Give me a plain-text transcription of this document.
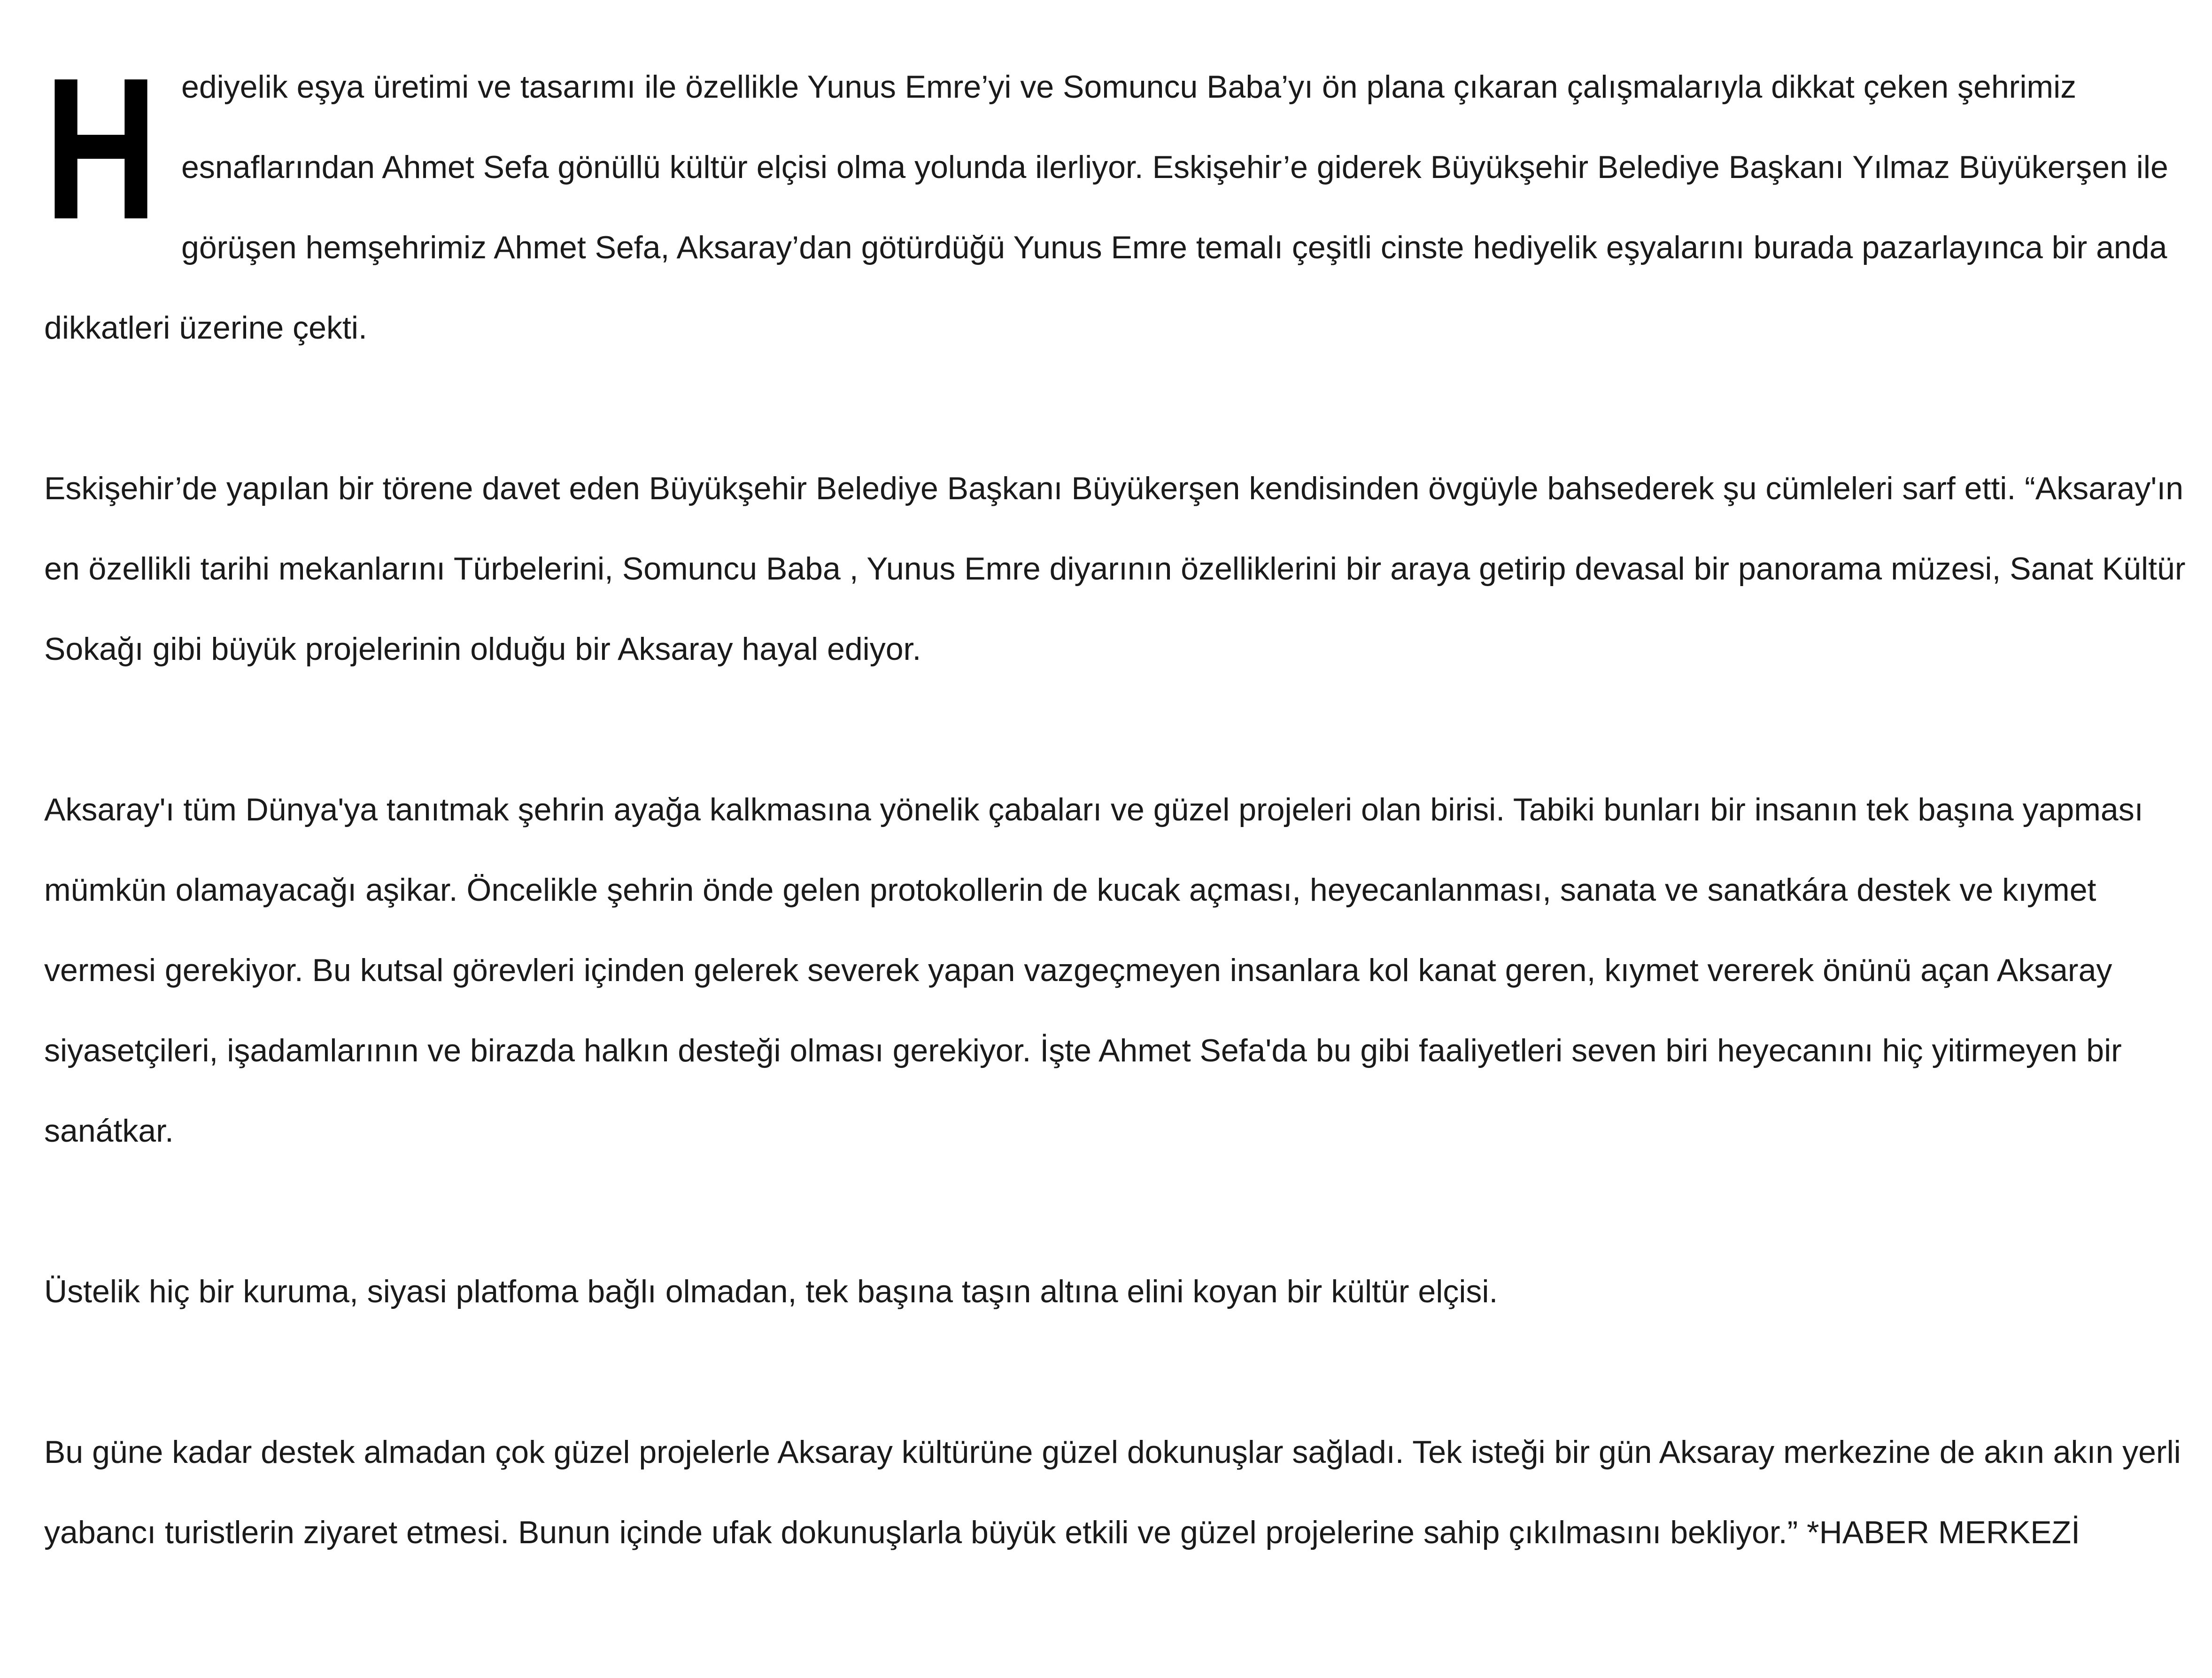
Hediyelik eşya üretimi ve tasarımı ile özellikle Yunus Emre’yi ve Somuncu Baba’yı ön plana çıkaran çalışmalarıyla dikkat çeken şehrimiz esnaflarından Ahmet Sefa gönüllü kültür elçisi olma yolunda ilerliyor. Eskişehir’e giderek Büyükşehir Belediye Başkanı Yılmaz Büyükerşen ile görüşen hemşehrimiz Ahmet Sefa, Aksaray’dan götürdüğü Yunus Emre temalı çeşitli cinste hediyelik eşyalarını burada pazarlayınca bir anda dikkatleri üzerine çekti.

Eskişehir’de yapılan bir törene davet eden Büyükşehir Belediye Başkanı Büyükerşen kendisinden övgüyle bahsederek şu cümleleri sarf etti. “Aksaray'ın en özellikli tarihi mekanlarını Türbelerini, Somuncu Baba , Yunus Emre diyarının özelliklerini bir araya getirip devasal bir panorama müzesi, Sanat Kültür Sokağı gibi büyük projelerinin olduğu bir Aksaray hayal ediyor.

Aksaray'ı tüm Dünya'ya tanıtmak şehrin ayağa kalkmasına yönelik çabaları ve güzel projeleri olan birisi. Tabiki bunları bir insanın tek başına yapması mümkün olamayacağı aşikar. Öncelikle şehrin önde gelen protokollerin de kucak açması, heyecanlanması, sanata ve sanatkára destek ve kıymet vermesi gerekiyor. Bu kutsal görevleri içinden gelerek severek yapan vazgeçmeyen insanlara kol kanat geren, kıymet vererek önünü açan Aksaray siyasetçileri, işadamlarının ve birazda halkın desteği olması gerekiyor. İşte Ahmet Sefa'da bu gibi faaliyetleri seven biri heyecanını hiç yitirmeyen bir sanátkar.

Üstelik hiç bir kuruma, siyasi platfoma bağlı olmadan, tek başına taşın altına elini koyan bir kültür elçisi.

Bu güne kadar destek almadan çok güzel projelerle Aksaray kültürüne güzel dokunuşlar sağladı. Tek isteği bir gün Aksaray merkezine de akın akın yerli yabancı turistlerin ziyaret etmesi. Bunun içinde ufak dokunuşlarla büyük etkili ve güzel projelerine sahip çıkılmasını bekliyor.” *HABER MERKEZİ
